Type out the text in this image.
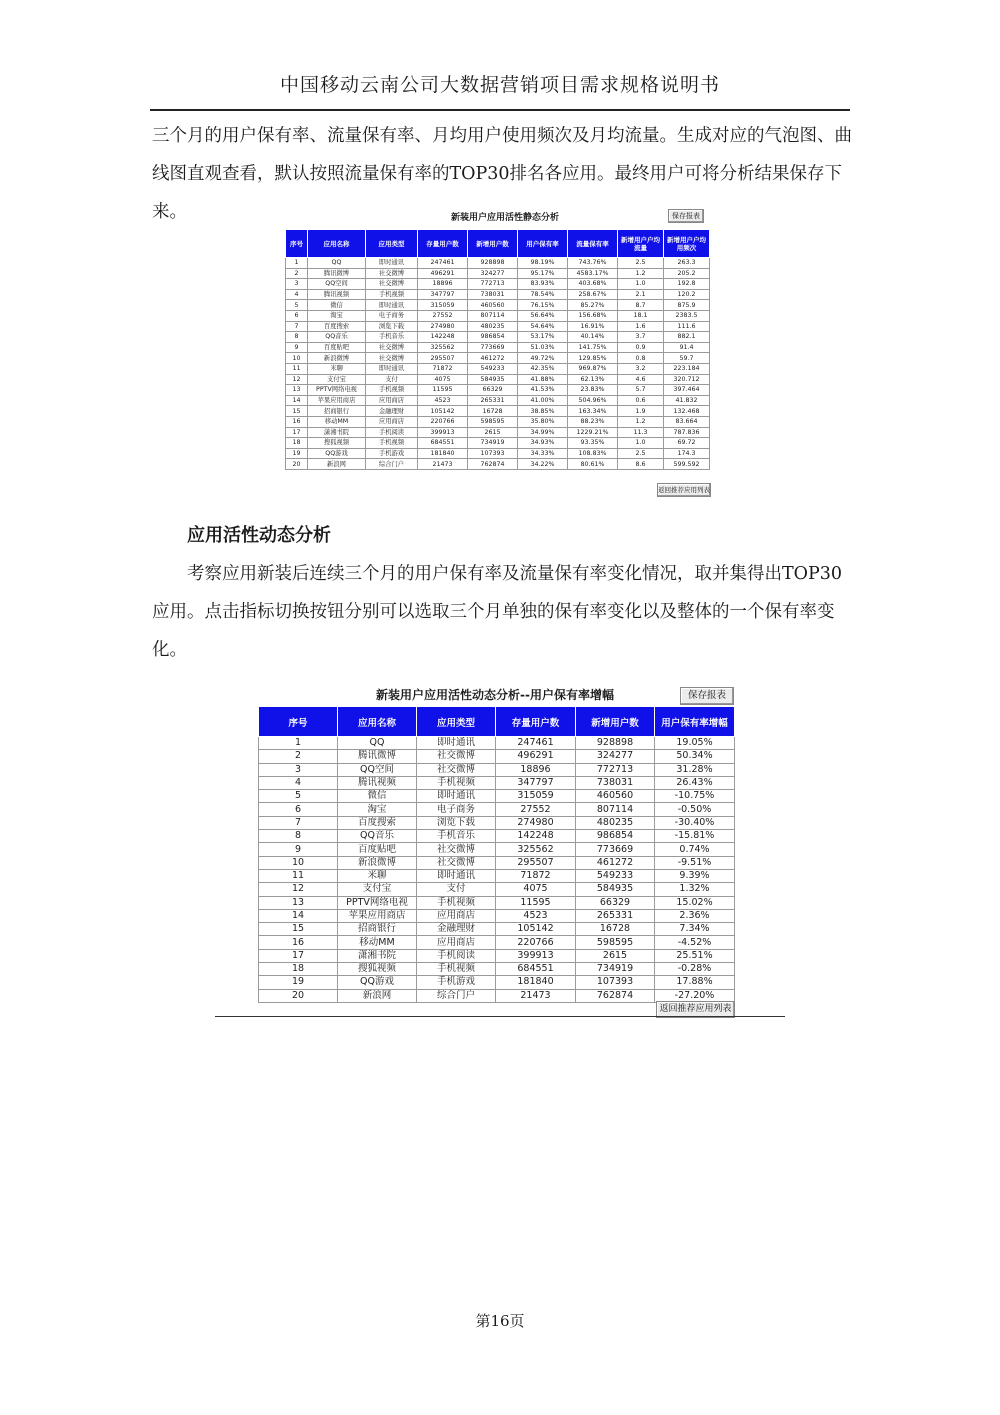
中国移动云南公司大数据营销项目需求规格说明书
三个月的用户保有率、流量保有率、月均用户使用频次及月均流量。生成对应的气泡图、曲线图直观查看，默认按照流量保有率的TOP30排名各应用。最终用户可将分析结果保存下来。	新装用户应用活性静态分析	保存报表
序号	应用名称	应用类型	存量用户数	新增用户数	用户保有率	流量保有率	新增用户户均流量	新增用户户均用频次
1	QQ	即时通讯	247461	928898	98.19%	743.76%	2.5	263.3
2	腾讯微博	社交微博	496291	324277	95.17%	4583.17%	1.2	205.2
3	QQ空间	社交微博	18896	772713	83.93%	403.68%	1.0	192.8
4	腾讯视频	手机视频	347797	738031	78.54%	258.67%	2.1	120.2
5	微信	即时通讯	315059	460560	76.15%	85.27%	8.7	875.9
6	淘宝	电子商务	27552	807114	56.64%	156.68%	18.1	2383.5
7	百度搜索	浏览下载	274980	480235	54.64%	16.91%	1.6	111.6
8	QQ音乐	手机音乐	142248	986854	53.17%	40.14%	3.7	882.1
9	百度贴吧	社交微博	325562	773669	51.03%	141.75%	0.9	91.4
10	新浪微博	社交微博	295507	461272	49.72%	129.85%	0.8	59.7
11	米聊	即时通讯	71872	549233	42.35%	969.87%	3.2	223.184
12	支付宝	支付	4075	584935	41.88%	62.13%	4.6	320.712
13	PPTV网络电视	手机视频	11595	66329	41.53%	23.83%	5.7	397.464
14	苹果应用商店	应用商店	4523	265331	41.00%	504.96%	0.6	41.832
15	招商银行	金融理财	105142	16728	38.85%	163.34%	1.9	132.468
16	移动MM	应用商店	220766	598595	35.80%	88.23%	1.2	83.664
17	潇湘书院	手机阅读	399913	2615	34.99%	1229.21%	11.3	787.836
18	搜狐视频	手机视频	684551	734919	34.93%	93.35%	1.0	69.72
19	QQ游戏	手机游戏	181840	107393	34.33%	108.83%	2.5	174.3
20	新浪网	综合门户	21473	762874	34.22%	80.61%	8.6	599.592
返回推荐应用列表
应用活性动态分析
考察应用新装后连续三个月的用户保有率及流量保有率变化情况，取并集得出TOP30应用。点击指标切换按钮分别可以选取三个月单独的保有率变化以及整体的一个保有率变化。
新装用户应用活性动态分析--用户保有率增幅	保存报表
序号	应用名称	应用类型	存量用户数	新增用户数	用户保有率增幅
1	QQ	即时通讯	247461	928898	19.05%
2	腾讯微博	社交微博	496291	324277	50.34%
3	QQ空间	社交微博	18896	772713	31.28%
4	腾讯视频	手机视频	347797	738031	26.43%
5	微信	即时通讯	315059	460560	-10.75%
6	淘宝	电子商务	27552	807114	-0.50%
7	百度搜索	浏览下载	274980	480235	-30.40%
8	QQ音乐	手机音乐	142248	986854	-15.81%
9	百度贴吧	社交微博	325562	773669	0.74%
10	新浪微博	社交微博	295507	461272	-9.51%
11	米聊	即时通讯	71872	549233	9.39%
12	支付宝	支付	4075	584935	1.32%
13	PPTV网络电视	手机视频	11595	66329	15.02%
14	苹果应用商店	应用商店	4523	265331	2.36%
15	招商银行	金融理财	105142	16728	7.34%
16	移动MM	应用商店	220766	598595	-4.52%
17	潇湘书院	手机阅读	399913	2615	25.51%
18	搜狐视频	手机视频	684551	734919	-0.28%
19	QQ游戏	手机游戏	181840	107393	17.88%
20	新浪网	综合门户	21473	762874	-27.20%
返回推荐应用列表
第16页
